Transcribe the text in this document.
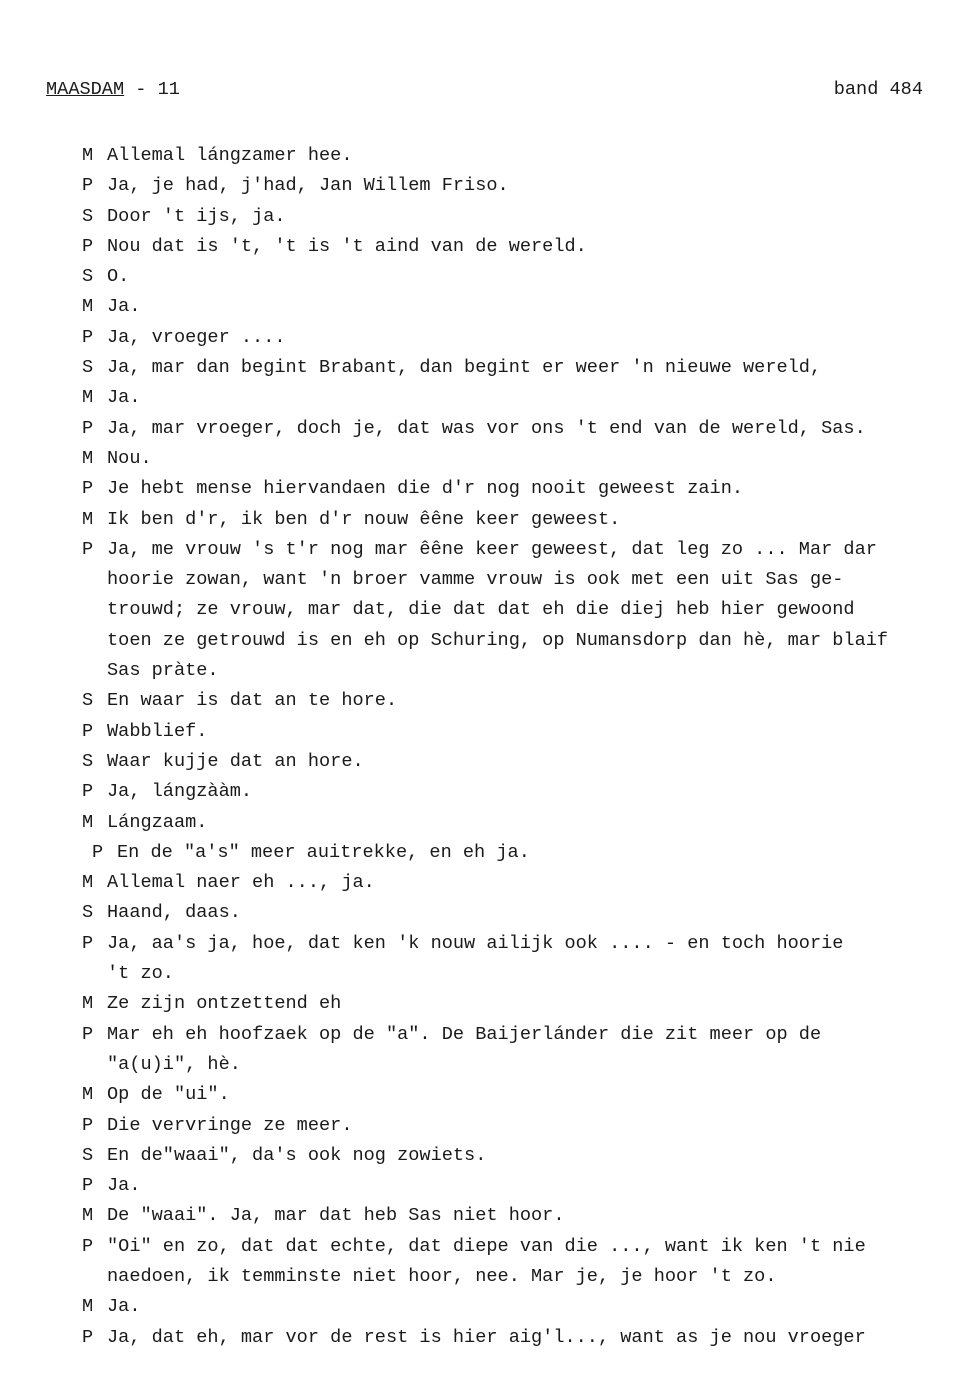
MAASDAM - 11	band 484
M Allemal lángzamer hee.
P Ja, je had, j'had, Jan Willem Friso.
S Door 't ijs, ja.
P Nou dat is 't, 't is 't aind van de wereld.
S O.
M Ja.
P Ja, vroeger ....
S Ja, mar dan begint Brabant, dan begint er weer 'n nieuwe wereld,
M Ja.
P Ja, mar vroeger, doch je, dat was vor ons 't end van de wereld, Sas.
M Nou.
P Je hebt mense hiervandaen die d'r nog nooit geweest zain.
M Ik ben d'r, ik ben d'r nouw êêne keer geweest.
P Ja, me vrouw 's t'r nog mar êêne keer geweest, dat leg zo ... Mar dar
hoorie zowan, want 'n broer vamme vrouw is ook met een uit Sas ge-
trouwd; ze vrouw, mar dat, die dat dat eh die diej heb hier gewoond
toen ze getrouwd is en eh op Schuring, op Numansdorp dan hè, mar blaif
Sas pràte.
S En waar is dat an te hore.
P Wabblief.
S Waar kujje dat an hore.
P Ja, lángzààm.
M Lángzaam.
P En de "a's" meer auitrekke, en eh ja.
M Allemal naer eh ..., ja.
S Haand, daas.
P Ja, aa's ja, hoe, dat ken 'k nouw ailijk ook .... - en toch hoorie
't zo.
M Ze zijn ontzettend eh
P Mar eh eh hoofzaek op de "a". De Baijerlánder die zit meer op de
"a(u)i", hè.
M Op de "ui".
P Die vervringe ze meer.
S En de"waai", da's ook nog zowiets.
P Ja.
M De "waai". Ja, mar dat heb Sas niet hoor.
P "Oi" en zo, dat dat echte, dat diepe van die ..., want ik ken 't nie
naedoen, ik temminste niet hoor, nee. Mar je, je hoor 't zo.
M Ja.
P Ja, dat eh, mar vor de rest is hier aig'l..., want as je nou vroeger
